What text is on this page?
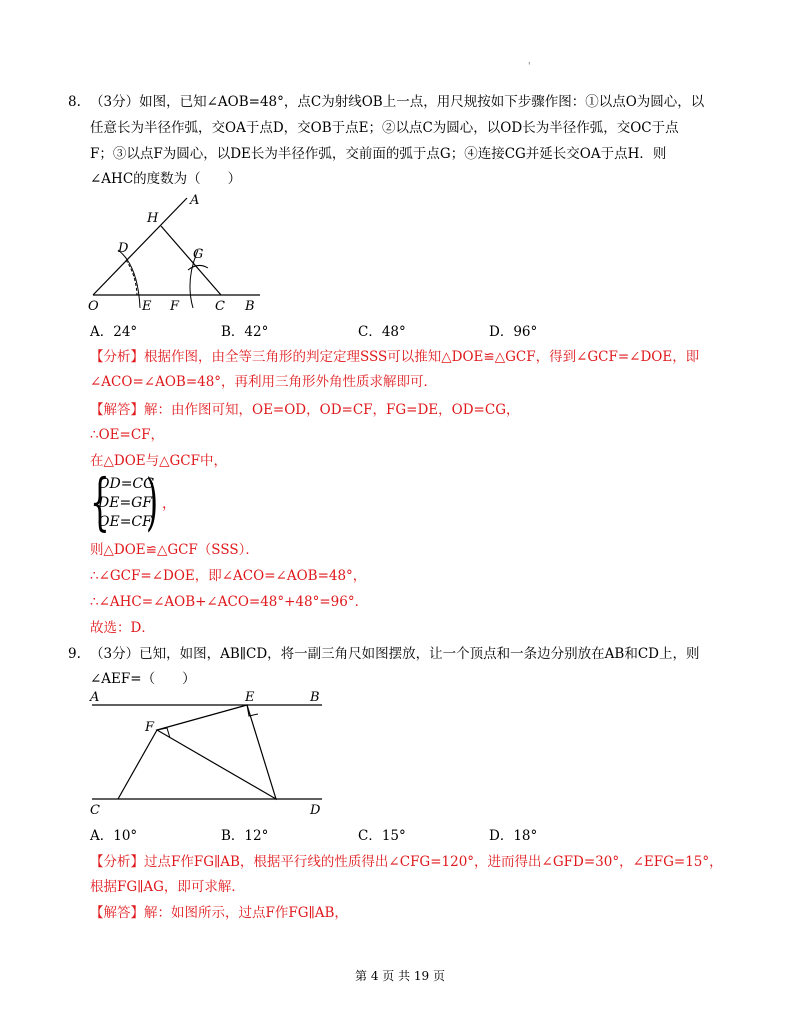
'
8. （3分）如图，已知∠AOB=48°，点C为射线OB上一点，用尺规按如下步骤作图：①以点O为圆心，以
任意长为半径作弧，交OA于点D，交OB于点E；②以点C为圆心，以OD长为半径作弧，交OC于点
F；③以点F为圆心，以DE长为半径作弧，交前面的弧于点G；④连接CG并延长交OA于点H．则
∠AHC的度数为（　　）
A
H
D	G
O	E F	C B
A．24°	B．42°	C．48°	D．96°
【分析】根据作图，由全等三角形的判定定理SSS可以推知△DOE≌△GCF，得到∠GCF=∠DOE，即
∠ACO=∠AOB=48°，再利用三角形外角性质求解即可．
【解答】解：由作图可知，OE=OD，OD=CF，FG=DE，OD=CG，
∴OE=CF，
在△DOE与△GCF中，
{
OD=CG
DE=GF
OE=CF
) ，
则△DOE≌△GCF（SSS）．
∴∠GCF=∠DOE，即∠ACO=∠AOB=48°，
∴∠AHC=∠AOB+∠ACO=48°+48°=96°．
故选：D．
9. （3分）已知，如图，AB∥CD，将一副三角尺如图摆放，让一个顶点和一条边分别放在AB和CD上，则
∠AEF=（　　）
A	E	B
F
C	D
A．10°	B．12°	C．15°	D．18°
【分析】过点F作FG∥AB，根据平行线的性质得出∠CFG=120°，进而得出∠GFD=30°，∠EFG=15°，
根据FG∥AG，即可求解．
【解答】解：如图所示，过点F作FG∥AB，
第 4 页 共 19 页
